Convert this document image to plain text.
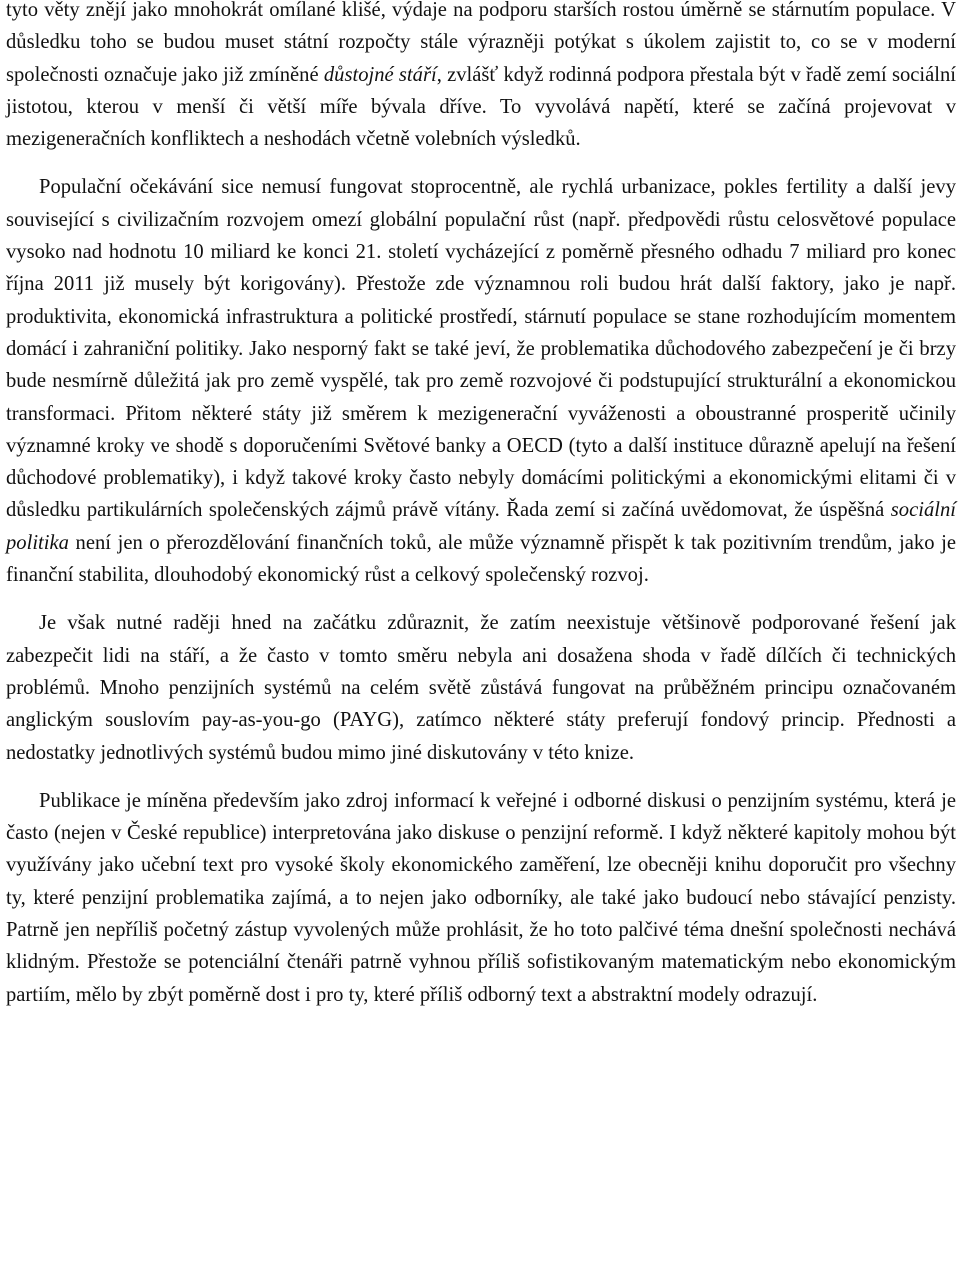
tyto věty znějí jako mnohokrát omílané klišé, výdaje na podporu starších rostou úměrně se stárnutím populace. V důsledku toho se budou muset státní rozpočty stále výrazněji potýkat s úkolem zajistit to, co se v moderní společnosti označuje jako již zmíněné důstojné stáří, zvlášť když rodinná podpora přestala být v řadě zemí sociální jistotou, kterou v menší či větší míře bývala dříve. To vyvolává napětí, které se začíná projevovat v mezigeneračních konfliktech a neshodách včetně volebních výsledků.

Populační očekávání sice nemusí fungovat stoprocentně, ale rychlá urbanizace, pokles fertility a další jevy související s civilizačním rozvojem omezí globální populační růst (např. předpovědi růstu celosvětové populace vysoko nad hodnotu 10 miliard ke konci 21. století vycházející z poměrně přesného odhadu 7 miliard pro konec října 2011 již musely být korigovány). Přestože zde významnou roli budou hrát další faktory, jako je např. produktivita, ekonomická infrastruktura a politické prostředí, stárnutí populace se stane rozhodujícím momentem domácí i zahraniční politiky. Jako nesporný fakt se také jeví, že problematika důchodového zabezpečení je či brzy bude nesmírně důležitá jak pro země vyspělé, tak pro země rozvojové či podstupující strukturální a ekonomickou transformaci. Přitom některé státy již směrem k mezigenerační vyváženosti a oboustranné prosperitě učinily významné kroky ve shodě s doporučeními Světové banky a OECD (tyto a další instituce důrazně apelují na řešení důchodové problematiky), i když takové kroky často nebyly domácími politickými a ekonomickými elitami či v důsledku partikulárních společenských zájmů právě vítány. Řada zemí si začíná uvědomovat, že úspěšná sociální politika není jen o přerozdělování finančních toků, ale může významně přispět k tak pozitivním trendům, jako je finanční stabilita, dlouhodobý ekonomický růst a celkový společenský rozvoj.

Je však nutné raději hned na začátku zdůraznit, že zatím neexistuje většinově podporované řešení jak zabezpečit lidi na stáří, a že často v tomto směru nebyla ani dosažena shoda v řadě dílčích či technických problémů. Mnoho penzijních systémů na celém světě zůstává fungovat na průběžném principu označovaném anglickým souslovím pay-as-you-go (PAYG), zatímco některé státy preferují fondový princip. Přednosti a nedostatky jednotlivých systémů budou mimo jiné diskutovány v této knize.

Publikace je míněna především jako zdroj informací k veřejné i odborné diskusi o penzijním systému, která je často (nejen v České republice) interpretována jako diskuse o penzijní reformě. I když některé kapitoly mohou být využívány jako učební text pro vysoké školy ekonomického zaměření, lze obecněji knihu doporučit pro všechny ty, které penzijní problematika zajímá, a to nejen jako odborníky, ale také jako budoucí nebo stávající penzisty. Patrně jen nepříliš početný zástup vyvolených může prohlásit, že ho toto palčivé téma dnešní společnosti nechává klidným. Přestože se potenciální čtenáři patrně vyhnou příliš sofistikovaným matematickým nebo ekonomickým partiím, mělo by zbýt poměrně dost i pro ty, které příliš odborný text a abstraktní modely odrazují.
